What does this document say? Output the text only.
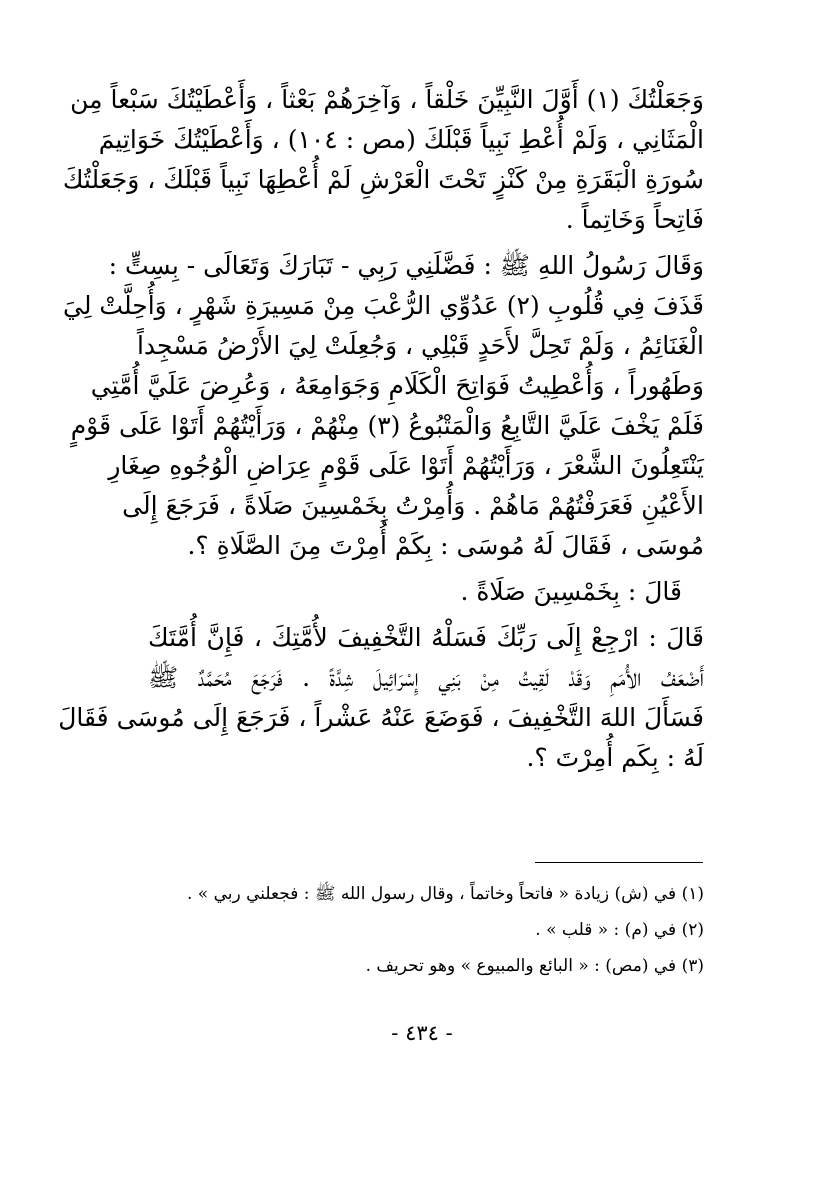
وَجَعَلْتُكَ (١) أَوَّلَ النَّبِيِّنَ خَلْقاً ، وَآخِرَهُمْ بَعْثاً ، وَأَعْطَيْتُكَ سَبْعاً مِن
الْمَثَانِي ، وَلَمْ أُعْطِ نَبِياً قَبْلَكَ (مص : ١٠٤) ، وَأَعْطَيْتُكَ خَوَاتِيمَ
سُورَةِ الْبَقَرَةِ مِنْ كَنْزٍ تَحْتَ الْعَرْشِ لَمْ أُعْطِهَا نَبِياً قَبْلَكَ ، وَجَعَلْتُكَ
فَاتِحاً وَخَاتِماً .
وَقَالَ رَسُولُ اللهِ ﷺ : فَضَّلَنِي رَبِي - تَبَارَكَ وَتَعَالَى - بِسِتٍّ :
قَذَفَ فِي قُلُوبِ (٢) عَدُوِّي الرُّعْبَ مِنْ مَسِيرَةِ شَهْرٍ ، وَأُحِلَّتْ لِيَ
الْغَنَائِمُ ، وَلَمْ تَحِلَّ لأَحَدٍ قَبْلِي ، وَجُعِلَتْ لِيَ الأَرْضُ مَسْجِداً
وَطَهُوراً ، وَأُعْطِيتُ فَوَاتِحَ الْكَلَامِ وَجَوَامِعَهُ ، وَعُرِضَ عَلَيَّ أُمَّتِي
فَلَمْ يَخْفَ عَلَيَّ التَّابِعُ وَالْمَتْبُوعُ (٣) مِنْهُمْ ، وَرَأَيْتُهُمْ أَتَوْا عَلَى قَوْمٍ
يَنْتَعِلُونَ الشَّعْرَ ، وَرَأَيْتُهُمْ أَتَوْا عَلَى قَوْمٍ عِرَاضِ الْوُجُوهِ صِغَارِ
الأَعْيُنِ فَعَرَفْتُهُمْ مَاهُمْ . وَأُمِرْتُ بِخَمْسِينَ صَلَاةً ، فَرَجَعَ إِلَى
مُوسَى ، فَقَالَ لَهُ مُوسَى : بِكَمْ أُمِرْتَ مِنَ الصَّلَاةِ ؟.
قَالَ : بِخَمْسِينَ صَلَاةً .
قَالَ : ارْجِعْ إِلَى رَبِّكَ فَسَلْهُ التَّخْفِيفَ لأُمَّتِكَ ، فَإِنَّ أُمَّتَكَ
أَضْعَفُ الأُمَمِ وَقَدْ لَقِيتُ مِنْ بَنِي إِسْرَائِيلَ شِدَّةً . فَرَجَعَ مُحَمَّدٌ ﷺ
فَسَأَلَ اللهَ التَّخْفِيفَ ، فَوَضَعَ عَنْهُ عَشْراً ، فَرَجَعَ إِلَى مُوسَى فَقَالَ
لَهُ : بِكَم أُمِرْتَ ؟.
(١) في (ش) زيادة « فاتحاً وخاتماً ، وقال رسول الله ﷺ : فجعلني ربي » .
(٢) في (م) : « قلب » .
(٣) في (مص) : « البائع والمبيوع » وهو تحريف .
- ٤٣٤ -
